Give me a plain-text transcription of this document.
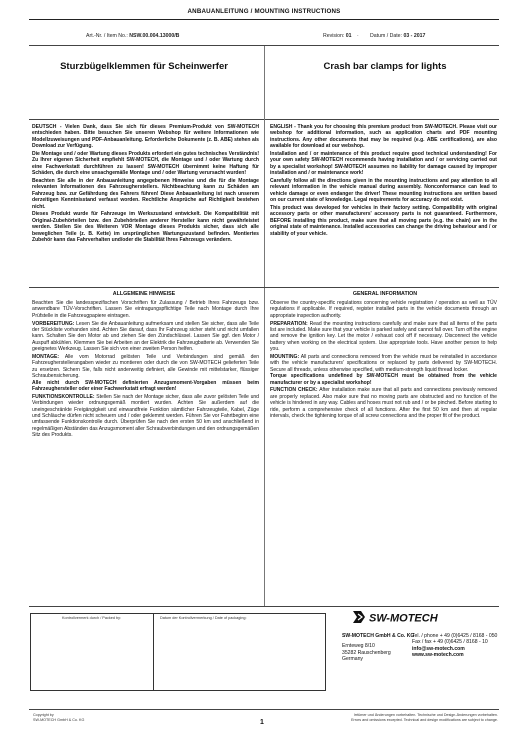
ANBAUANLEITUNG / MOUNTING INSTRUCTIONS
Art.-Nr. / Item No.: NSW.00.004.13000/B	Revision: 01 · Datum / Date: 03 - 2017
Sturzbügelklemmen für Scheinwerfer	Crash bar clamps for lights

DEUTSCH - Vielen Dank, dass Sie sich für dieses Premium-Produkt von SW-MOTECH entschieden haben. Bitte besuchen Sie unseren Webshop für weitere Informationen wie Modellzuweisungen und PDF-Anbauanleitung. Erforderliche Dokumente (z. B. ABE) stehen als Download zur Verfügung.

Die Montage und / oder Wartung dieses Produkts erfordert ein gutes technisches Verständnis! Zu Ihrer eigenen Sicherheit empfiehlt SW-MOTECH, die Montage und / oder Wartung durch eine Fachwerkstatt durchführen zu lassen! SW-MOTECH übernimmt keine Haftung für Schäden, die durch eine unsachgemäße Montage und / oder Wartung verursacht wurden!

Beachten Sie alle in der Anbauanleitung angegebenen Hinweise und die für die Montage relevanten Informationen des Fahrzeugherstellers. Nichtbeachtung kann zu Schäden am Fahrzeug bzw. zur Gefährdung des Fahrers führen! Diese Anbauanleitung ist nach unserem derzeitigen Kenntnisstand verfasst worden. Rechtliche Ansprüche auf Richtigkeit bestehen nicht.

Dieses Produkt wurde für Fahrzeuge im Werkszustand entwickelt. Die Kompatibilität mit Original-Zubehörteilen bzw. den Zubehörteilen anderer Hersteller kann nicht gewährleistet werden. Stellen Sie des Weiteren VOR Montage dieses Produkts sicher, dass sich alle beweglichen Teile (z. B. Kette) im ursprünglichen Wartungszustand befinden. Montiertes Zubehör kann das Fahrverhalten und/oder die Stabilität Ihres Fahrzeugs verändern.

ENGLISH - Thank you for choosing this premium product from SW-MOTECH. Please visit our webshop for additional information, such as application charts and PDF mounting instructions. Any other documents that may be required (e.g. ABE certifications), are also available for download at our webshop.

Installation and / or maintenance of this product require good technical understanding! For your own safety SW-MOTECH recommends having installation and / or servicing carried out by a specialist workshop! SW-MOTECH assumes no liability for damage caused by improper installation and / or maintenance work!

Carefully follow all the directions given in the mounting instructions and pay attention to all relevant information in the vehicle manual during assembly. Nonconformance can lead to vehicle damage or even endanger the driver! These mounting instructions are written based on our current state of knowledge. Legal requirements for accuracy do not exist.

This product was developed for vehicles in their factory setting. Compatibility with original accessory parts or other manufacturers' accessory parts is not guaranteed. Furthermore, BEFORE installing this product, make sure that all moving parts (e.g. the chain) are in the original state of maintenance. Installed accessories can change the driving behaviour and / or stability of your vehicle.

ALLGEMEINE HINWEISE	GENERAL INFORMATION

Beachten Sie die landesspezifischen Vorschriften für Zulassung / Betrieb Ihres Fahrzeugs bzw. anwendbare TÜV-Vorschriften. Lassen Sie eintragungspflichtige Teile nach Montage durch Ihre Prüfstelle in die Fahrzeugpapiere eintragen.

VORBEREITUNG: Lesen Sie die Anbauanleitung aufmerksam und stellen Sie sicher, dass alle Teile der Stückliste vorhanden sind. Achten Sie darauf, dass Ihr Fahrzeug sicher steht und nicht umfallen kann. Schalten Sie den Motor ab und ziehen Sie den Zündschlüssel. Lassen Sie ggf. den Motor / Auspuff abkühlen. Klemmen Sie bei Arbeiten an der Elektrik die Fahrzeugbatterie ab. Verwenden Sie geeignetes Werkzeug. Lassen Sie sich von einer zweiten Person helfen.

MONTAGE: Alle vom Motorrad gelösten Teile und Verbindungen sind gemäß den Fahrzeugherstellerangaben wieder zu montieren oder durch die von SW-MOTECH gelieferten Teile zu ersetzen. Sichern Sie, falls nicht anderweitig definiert, alle Gewinde mit mittelstarker, flüssiger Schraubensicherung.
Alle nicht durch SW-MOTECH definierten Anzugsmoment-Vorgaben müssen beim Fahrzeughersteller oder einer Fachwerkstatt erfragt werden!

FUNKTIONSKONTROLLE: Stellen Sie nach der Montage sicher, dass alle zuvor gelösten Teile und Verbindungen wieder ordnungsgemäß montiert wurden. Achten Sie außerdem auf die uneingeschränkte Freigängigkeit und einwandfreie Funktion sämtlicher Fahrzeugteile, Kabel, Züge und Schläuche dürfen nicht scheuern und / oder geklemmt werden. Führen Sie vor Fahrtbeginn eine umfassende Funktionskontrolle durch. Überprüfen Sie nach den ersten 50 km und anschließend in regelmäßigen Abständen das Anzugsmoment aller Schraubverbindungen und den ordnungsgemäßen Sitz des Produkts.

Observe the country-specific regulations concerning vehicle registration / operation as well as TÜV regulations if applicable. If required, register installed parts in the vehicle documents through an appropriate inspection authority.

PREPARATION: Read the mounting instructions carefully and make sure that all items of the parts list are included. Make sure that your vehicle is parked safely and cannot fall over. Turn off the engine and remove the ignition key. Let the motor / exhaust cool off if necessary. Disconnect the vehicle battery when working on the electrical system. Use appropriate tools. Have another person to help you.

MOUNTING: All parts and connections removed from the vehicle must be reinstalled in accordance with the vehicle manufacturers' specifications or replaced by parts delivered by SW-MOTECH. Secure all threads, unless otherwise specified, with medium-strength liquid thread locker.
Torque specifications undefined by SW-MOTECH must be obtained from the vehicle manufacturer or by a specialist workshop!

FUNCTION CHECK: After installation make sure that all parts and connections previously removed are properly replaced. Also make sure that no moving parts are obstructed and no function of the vehicle is hindered in any way. Cables and hoses must not rub and / or be pinched. Before starting to ride, perform a comprehensive check of all functions. After the first 50 km and then at regular intervals, check the tightening torque of all screw connections and the proper fit of the product.

Kontrollvermerk durch / Packed by:	Datum der Kontrollvermerkung / Date of packaging:	SW-MOTECH
SW-MOTECH GmbH & Co. KG
Ernteweg 8/10
35282 Rauschenberg
Germany
Tel. / phone + 49 (0)6425 / 8168 - 050
Fax / fax + 49 (0)6425 / 8168 - 10
info@sw-motech.com
www.sw-motech.com
Copyright by
SW-MOTECH GmbH & Co. KG	1
Irrtümer und Änderungen vorbehalten. Technische und Design-Änderungen vorbehalten.
Errors and omissions excepted. Technical and design modifications are subject to change.
